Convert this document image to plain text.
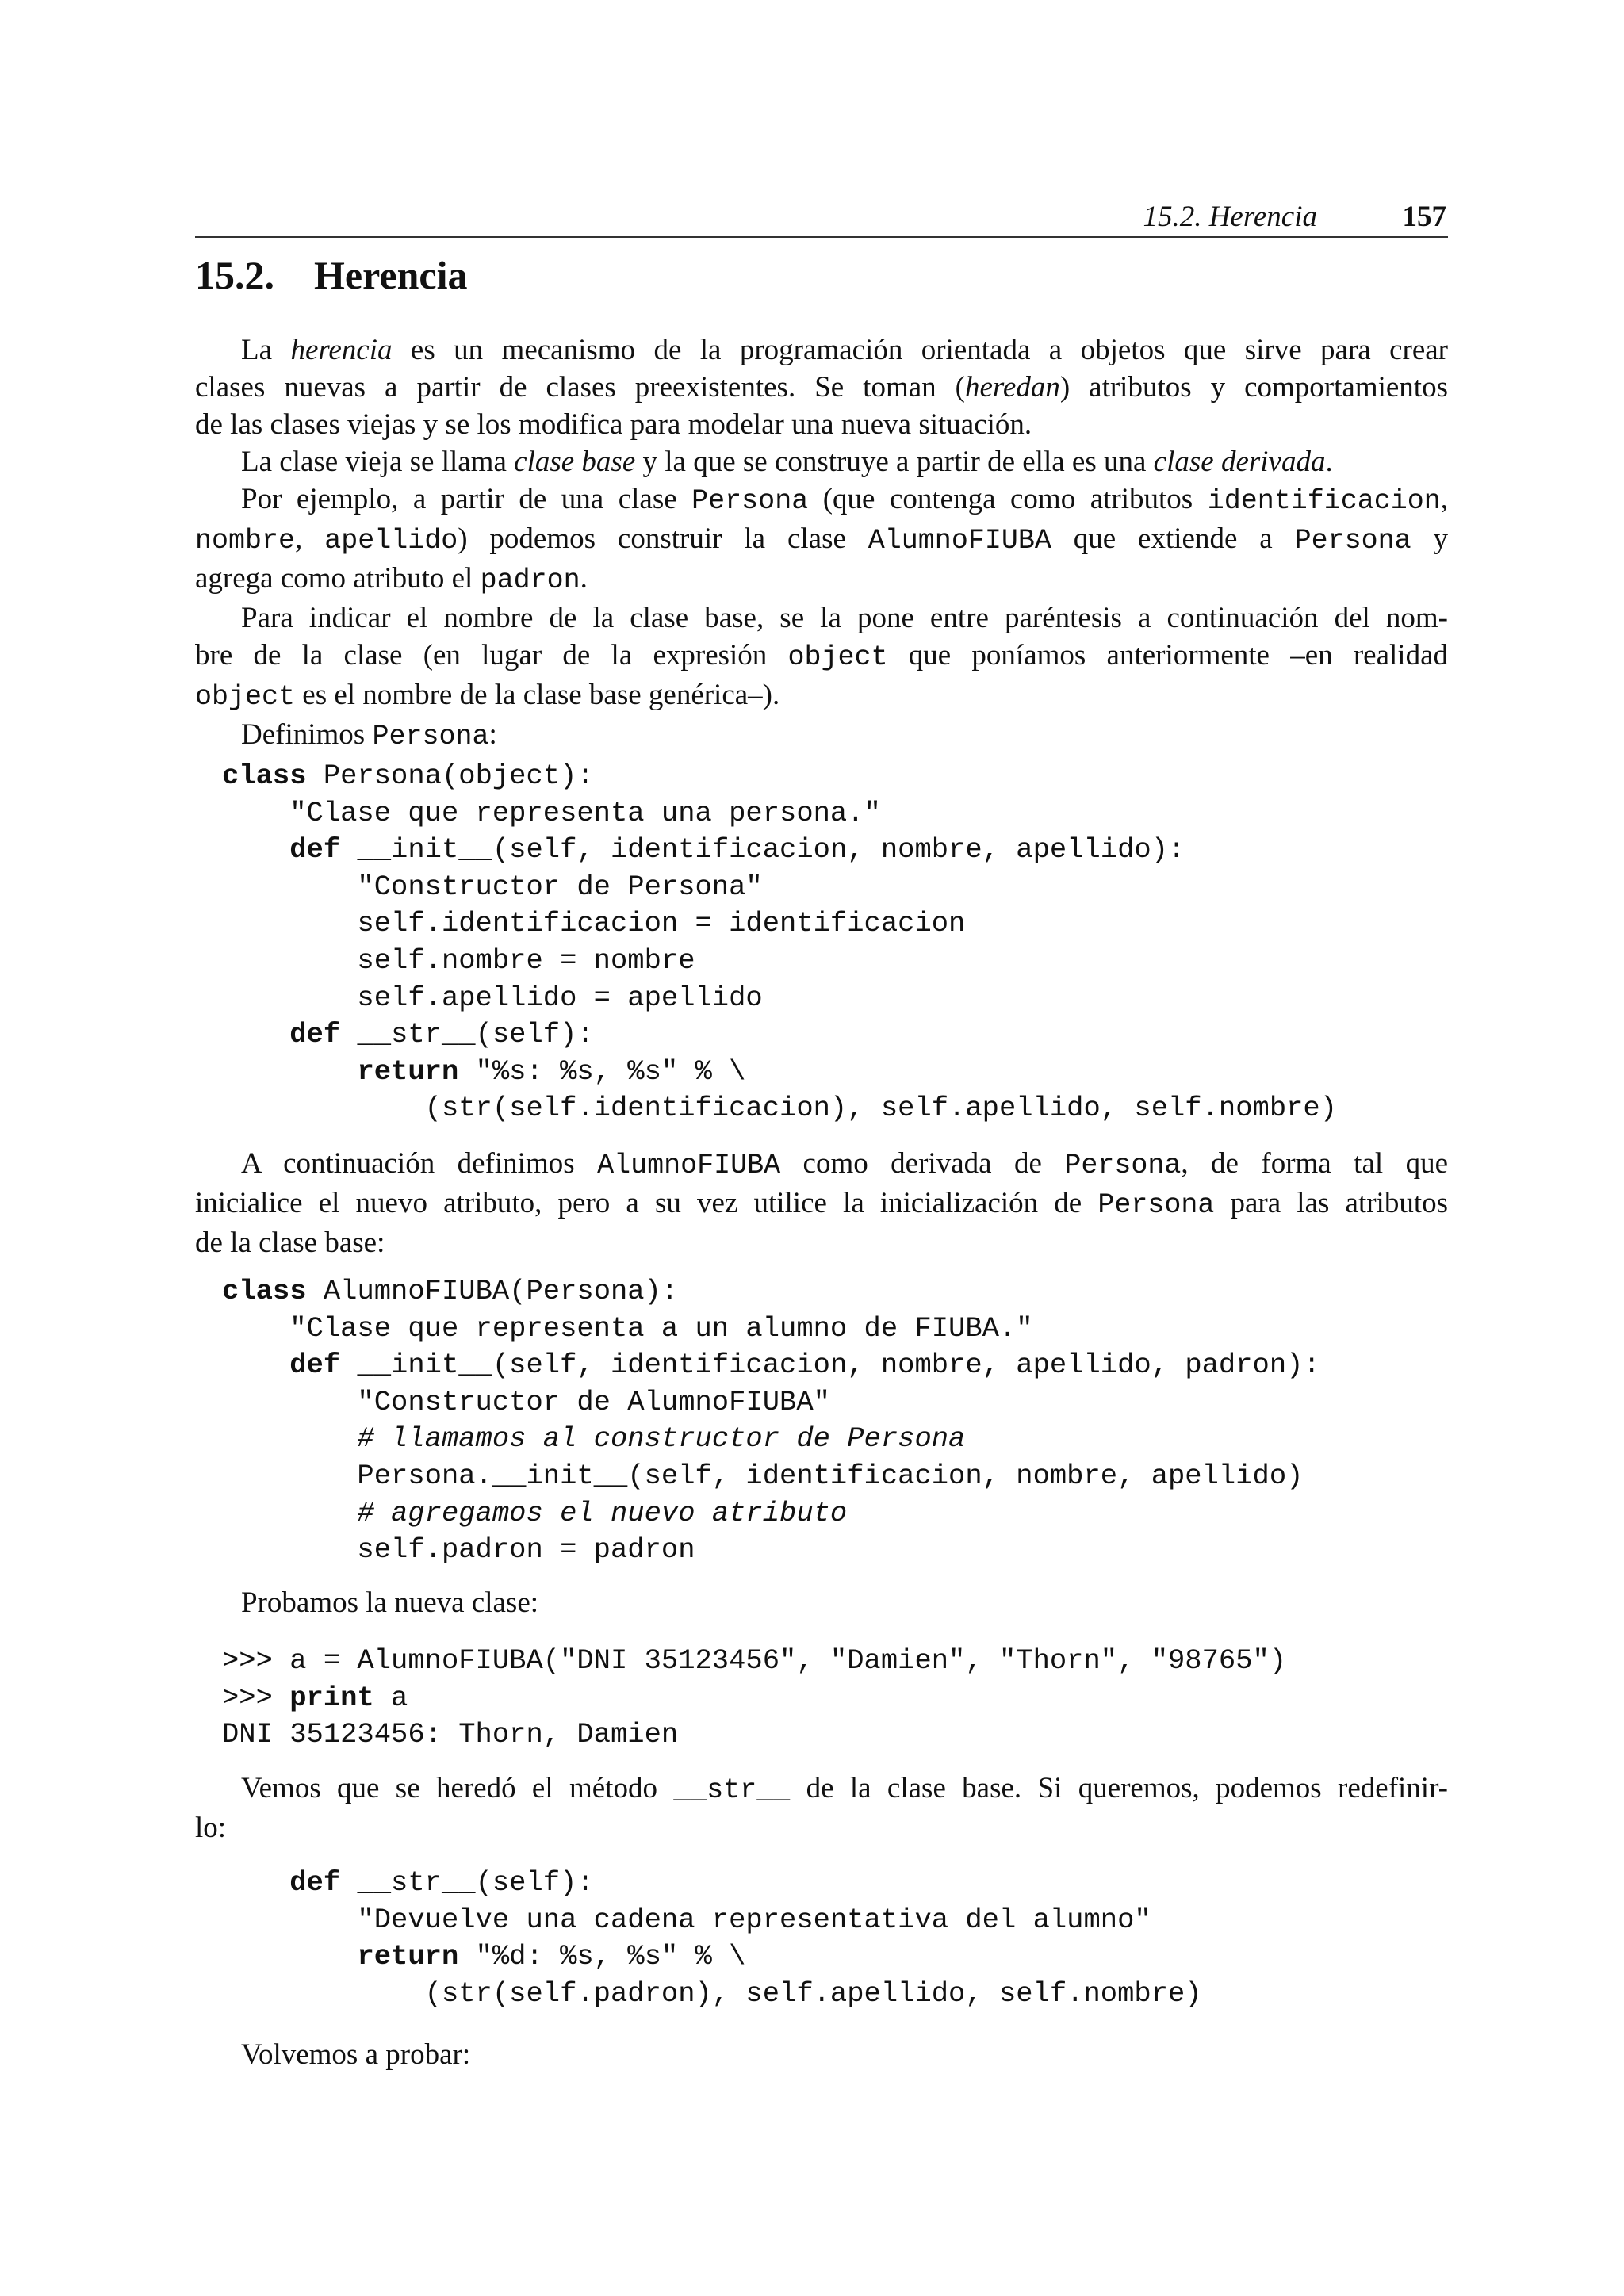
15.2. Herencia	157
15.2. Herencia
La herencia es un mecanismo de la programación orientada a objetos que sirve para crear
clases nuevas a partir de clases preexistentes. Se toman (heredan) atributos y comportamientos
de las clases viejas y se los modifica para modelar una nueva situación.
La clase vieja se llama clase base y la que se construye a partir de ella es una clase derivada.
Por ejemplo, a partir de una clase Persona (que contenga como atributos identificacion,
nombre, apellido) podemos construir la clase AlumnoFIUBA que extiende a Persona y
agrega como atributo el padron.
Para indicar el nombre de la clase base, se la pone entre paréntesis a continuación del nom-
bre de la clase (en lugar de la expresión object que poníamos anteriormente –en realidad
object es el nombre de la clase base genérica–).
Definimos Persona:
class Persona(object):
"Clase que representa una persona."
def __init__(self, identificacion, nombre, apellido):
"Constructor de Persona"
self.identificacion = identificacion
self.nombre = nombre
self.apellido = apellido
def __str__(self):
return "%s: %s, %s" % \
(str(self.identificacion), self.apellido, self.nombre)
A continuación definimos AlumnoFIUBA como derivada de Persona, de forma tal que
inicialice el nuevo atributo, pero a su vez utilice la inicialización de Persona para las atributos
de la clase base:
class AlumnoFIUBA(Persona):
"Clase que representa a un alumno de FIUBA."
def __init__(self, identificacion, nombre, apellido, padron):
"Constructor de AlumnoFIUBA"
# llamamos al constructor de Persona
Persona.__init__(self, identificacion, nombre, apellido)
# agregamos el nuevo atributo
self.padron = padron
Probamos la nueva clase:
>>> a = AlumnoFIUBA("DNI 35123456", "Damien", "Thorn", "98765")
>>> print a
DNI 35123456: Thorn, Damien
Vemos que se heredó el método __str__ de la clase base. Si queremos, podemos redefinir-
lo:
def __str__(self):
"Devuelve una cadena representativa del alumno"
return "%d: %s, %s" % \
(str(self.padron), self.apellido, self.nombre)
Volvemos a probar:
